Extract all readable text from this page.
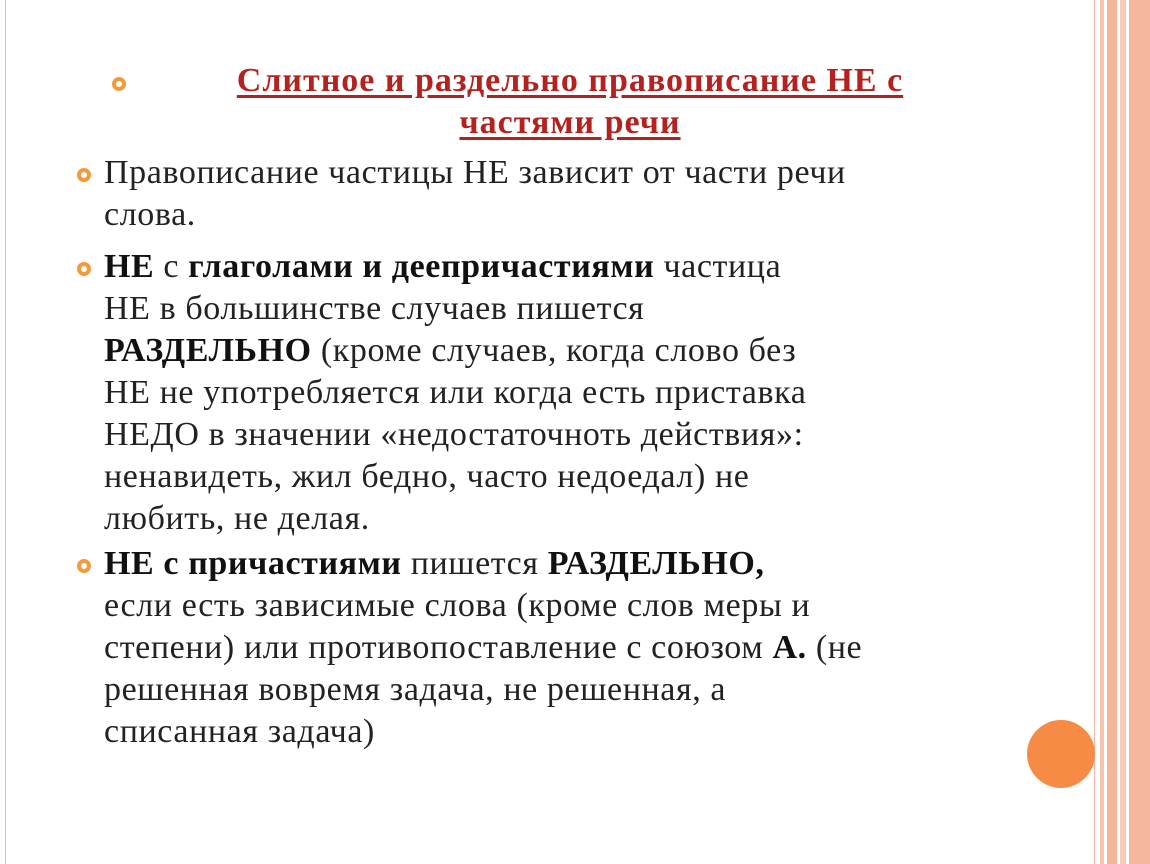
Слитное и раздельно правописание НЕ с
частями речи
Правописание частицы НЕ зависит от части речи
слова.
НЕ с глаголами и деепричастиями частица
НЕ в большинстве случаев пишется
РАЗДЕЛЬНО (кроме случаев, когда слово без
НЕ не употребляется или когда есть приставка
НЕДО в значении «недостаточноть действия»:
ненавидеть, жил бедно, часто недоедал) не
любить, не делая.
НЕ с причастиями пишется РАЗДЕЛЬНО,
если есть зависимые слова (кроме слов меры и
степени) или противопоставление с союзом А. (не
решенная вовремя задача, не решенная, а
списанная задача)
